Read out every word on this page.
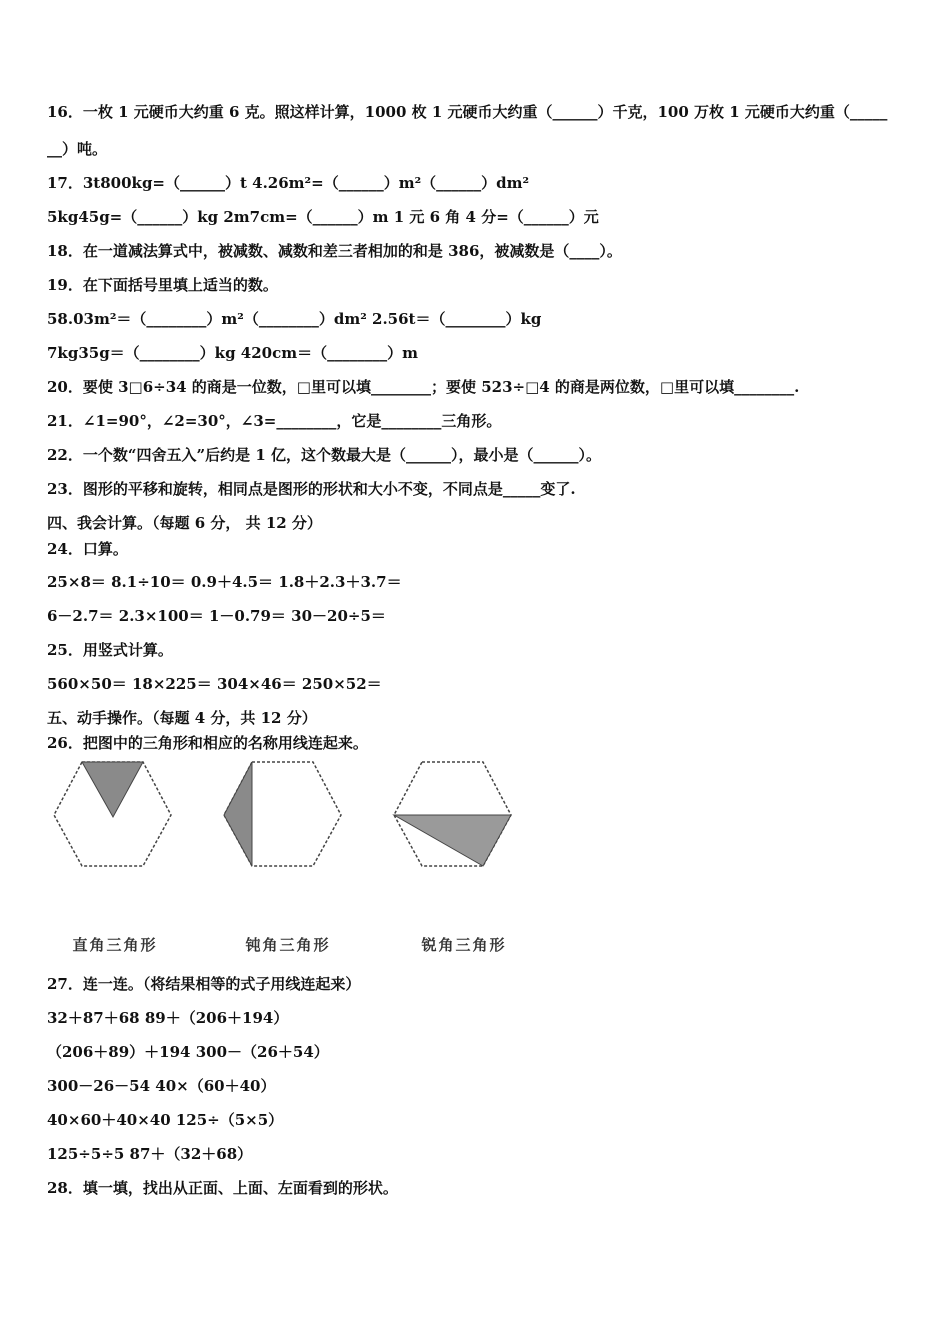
16．一枚 1 元硬币大约重 6 克。照这样计算，1000 枚 1 元硬币大约重（______）千克，100 万枚 1 元硬币大约重（_____
__）吨。
17．3t800kg=（______）t 4.26m²=（______）m²（______）dm²
5kg45g=（______）kg 2m7cm=（______）m 1 元 6 角 4 分=（______）元
18．在一道减法算式中，被减数、减数和差三者相加的和是 386，被减数是（____）。
19．在下面括号里填上适当的数。
58.03m²＝（________）m²（________）dm² 2.56t＝（________）kg
7kg35g＝（________）kg 420cm＝（________）m
20．要使 3□6÷34 的商是一位数，□里可以填________；要使 523÷□4 的商是两位数，□里可以填________.
21．∠1=90°，∠2=30°，∠3=________，它是________三角形。
22．一个数“四舍五入”后约是 1 亿，这个数最大是（______），最小是（______）。
23．图形的平移和旋转，相同点是图形的形状和大小不变，不同点是_____变了.
四、我会计算。（每题 6 分， 共 12 分）
24．口算。
25×8＝ 8.1÷10＝ 0.9＋4.5＝ 1.8＋2.3＋3.7＝
6－2.7＝ 2.3×100＝ 1－0.79＝ 30－20÷5＝
25．用竖式计算。
560×50＝ 18×225＝ 304×46＝ 250×52＝
五、动手操作。（每题 4 分，共 12 分）
26．把图中的三角形和相应的名称用线连起来。
直角三角形	钝角三角形	锐角三角形
27．连一连。（将结果相等的式子用线连起来）
32＋87＋68 89＋（206＋194）
（206＋89）＋194 300－（26＋54）
300－26－54 40×（60＋40）
40×60＋40×40 125÷（5×5）
125÷5÷5 87＋（32＋68）
28．填一填，找出从正面、上面、左面看到的形状。
